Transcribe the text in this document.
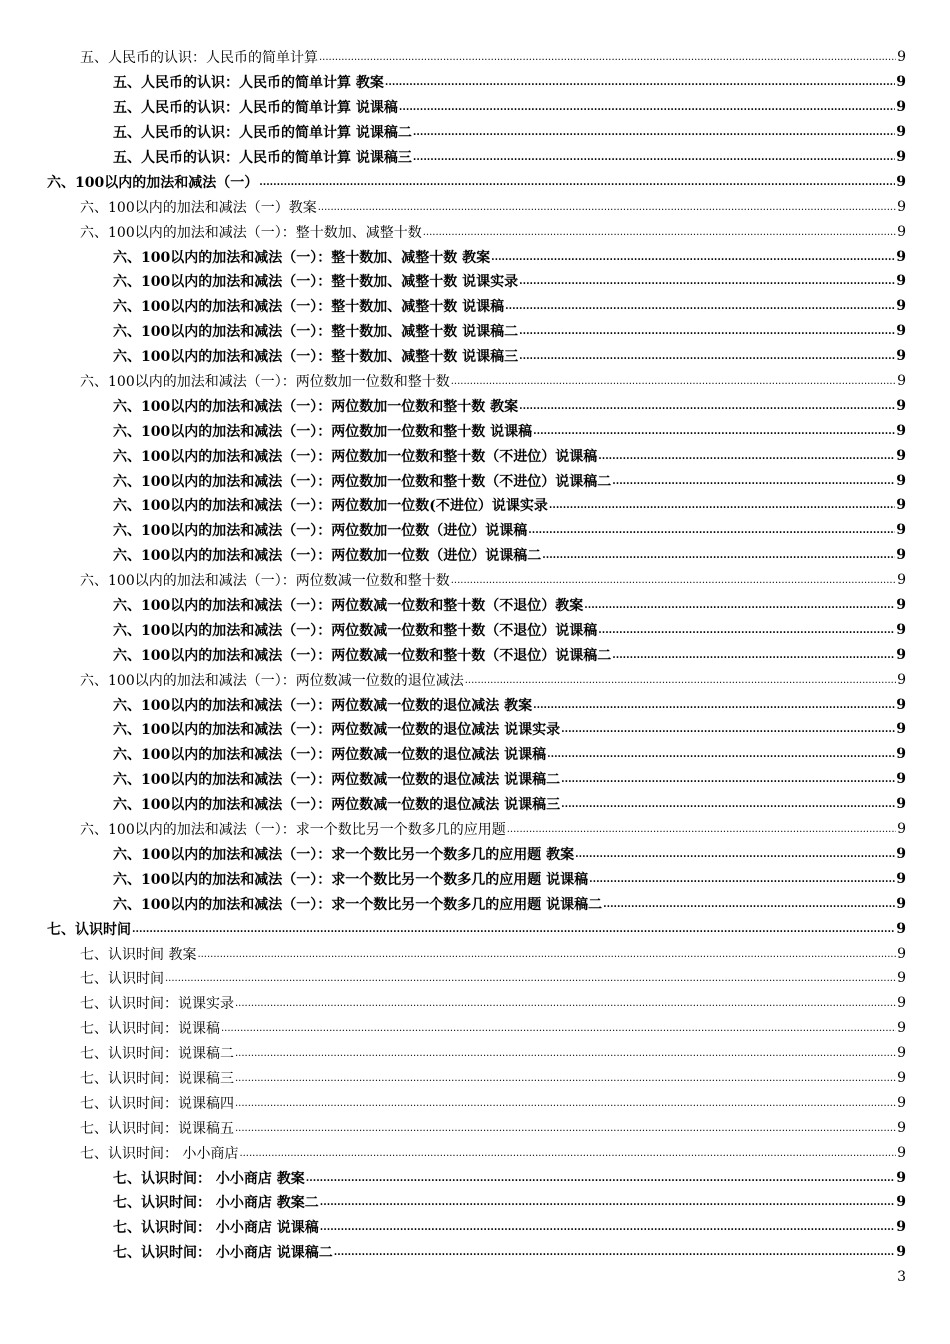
五、人民币的认识：人民币的简单计算 .....	9
五、人民币的认识：人民币的简单计算 教案 .....	9
五、人民币的认识：人民币的简单计算 说课稿 .....	9
五、人民币的认识：人民币的简单计算 说课稿二 .....	9
五、人民币的认识：人民币的简单计算 说课稿三 .....	9
六、100以内的加法和减法（一） .....	9
六、100以内的加法和减法（一）教案 .....	9
六、100以内的加法和减法（一）：整十数加、减整十数 .....	9
六、100以内的加法和减法（一）：整十数加、减整十数 教案 .....	9
六、100以内的加法和减法（一）：整十数加、减整十数 说课实录 .....	9
六、100以内的加法和减法（一）：整十数加、减整十数 说课稿 .....	9
六、100以内的加法和减法（一）：整十数加、减整十数 说课稿二 .....	9
六、100以内的加法和减法（一）：整十数加、减整十数 说课稿三 .....	9
六、100以内的加法和减法（一）：两位数加一位数和整十数 .....	9
六、100以内的加法和减法（一）：两位数加一位数和整十数 教案 .....	9
六、100以内的加法和减法（一）：两位数加一位数和整十数 说课稿 .....	9
六、100以内的加法和减法（一）：两位数加一位数和整十数（不进位）说课稿 .....	9
六、100以内的加法和减法（一）：两位数加一位数和整十数（不进位）说课稿二 .....	9
六、100以内的加法和减法（一）：两位数加一位数(不进位）说课实录 .....	9
六、100以内的加法和减法（一）：两位数加一位数（进位）说课稿 .....	9
六、100以内的加法和减法（一）：两位数加一位数（进位）说课稿二 .....	9
六、100以内的加法和减法（一）：两位数减一位数和整十数 .....	9
六、100以内的加法和减法（一）：两位数减一位数和整十数（不退位）教案 .....	9
六、100以内的加法和减法（一）：两位数减一位数和整十数（不退位）说课稿 .....	9
六、100以内的加法和减法（一）：两位数减一位数和整十数（不退位）说课稿二 .....	9
六、100以内的加法和减法（一）：两位数减一位数的退位减法 .....	9
六、100以内的加法和减法（一）：两位数减一位数的退位减法 教案 .....	9
六、100以内的加法和减法（一）：两位数减一位数的退位减法 说课实录 .....	9
六、100以内的加法和减法（一）：两位数减一位数的退位减法 说课稿 .....	9
六、100以内的加法和减法（一）：两位数减一位数的退位减法 说课稿二 .....	9
六、100以内的加法和减法（一）：两位数减一位数的退位减法 说课稿三 .....	9
六、100以内的加法和减法（一）：求一个数比另一个数多几的应用题 .....	9
六、100以内的加法和减法（一）：求一个数比另一个数多几的应用题 教案 .....	9
六、100以内的加法和减法（一）：求一个数比另一个数多几的应用题 说课稿 .....	9
六、100以内的加法和减法（一）：求一个数比另一个数多几的应用题 说课稿二 .....	9
七、认识时间 .....	9
七、认识时间 教案 .....	9
七、认识时间 .....	9
七、认识时间：说课实录 .....	9
七、认识时间：说课稿 .....	9
七、认识时间：说课稿二 .....	9
七、认识时间：说课稿三 .....	9
七、认识时间：说课稿四 .....	9
七、认识时间：说课稿五 .....	9
七、认识时间： 小小商店 .....	9
七、认识时间： 小小商店 教案 .....	9
七、认识时间： 小小商店 教案二 .....	9
七、认识时间： 小小商店 说课稿 .....	9
七、认识时间： 小小商店 说课稿二 .....	9
3
